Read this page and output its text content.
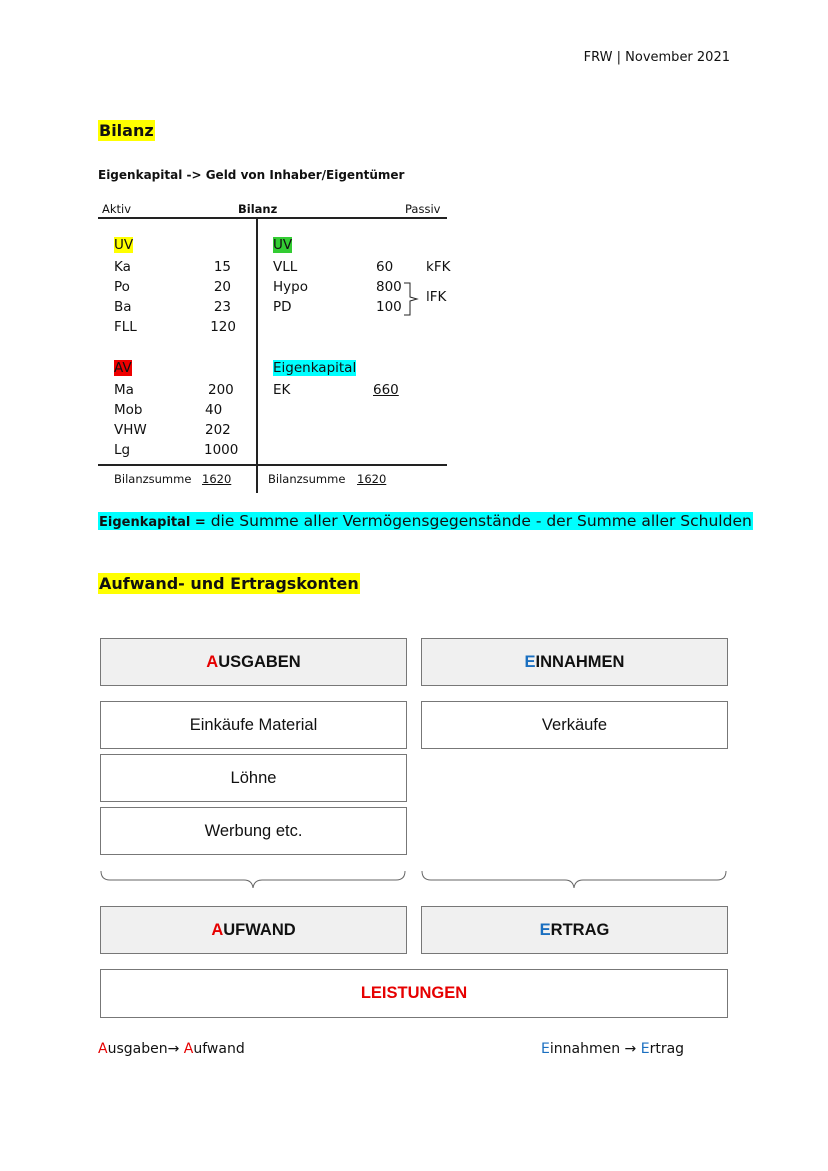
FRW | November 2021
Bilanz
Eigenkapital -> Geld von Inhaber/Eigentümer
Aktiv	Bilanz	Passiv
UV
Ka	15
Po	20
Ba	23
FLL	120
AV
Ma	200
Mob	40
VHW	202
Lg	1000
Bilanzsumme 1620
UV
VLL	60 kFK
Hypo	800
PD	100
lFK
Eigenkapital
EK	660
Bilanzsumme 1620
Eigenkapital = die Summe aller Vermögensgegenstände - der Summe aller Schulden
Aufwand- und Ertragskonten
A USGABEN	E INNAHMEN
Einkäufe Material	Verkäufe
Löhne
Werbung etc.
A UFWAND	E RTRAG
LEISTUNGEN
Ausgaben→ Aufwand	Einnahmen → Ertrag
